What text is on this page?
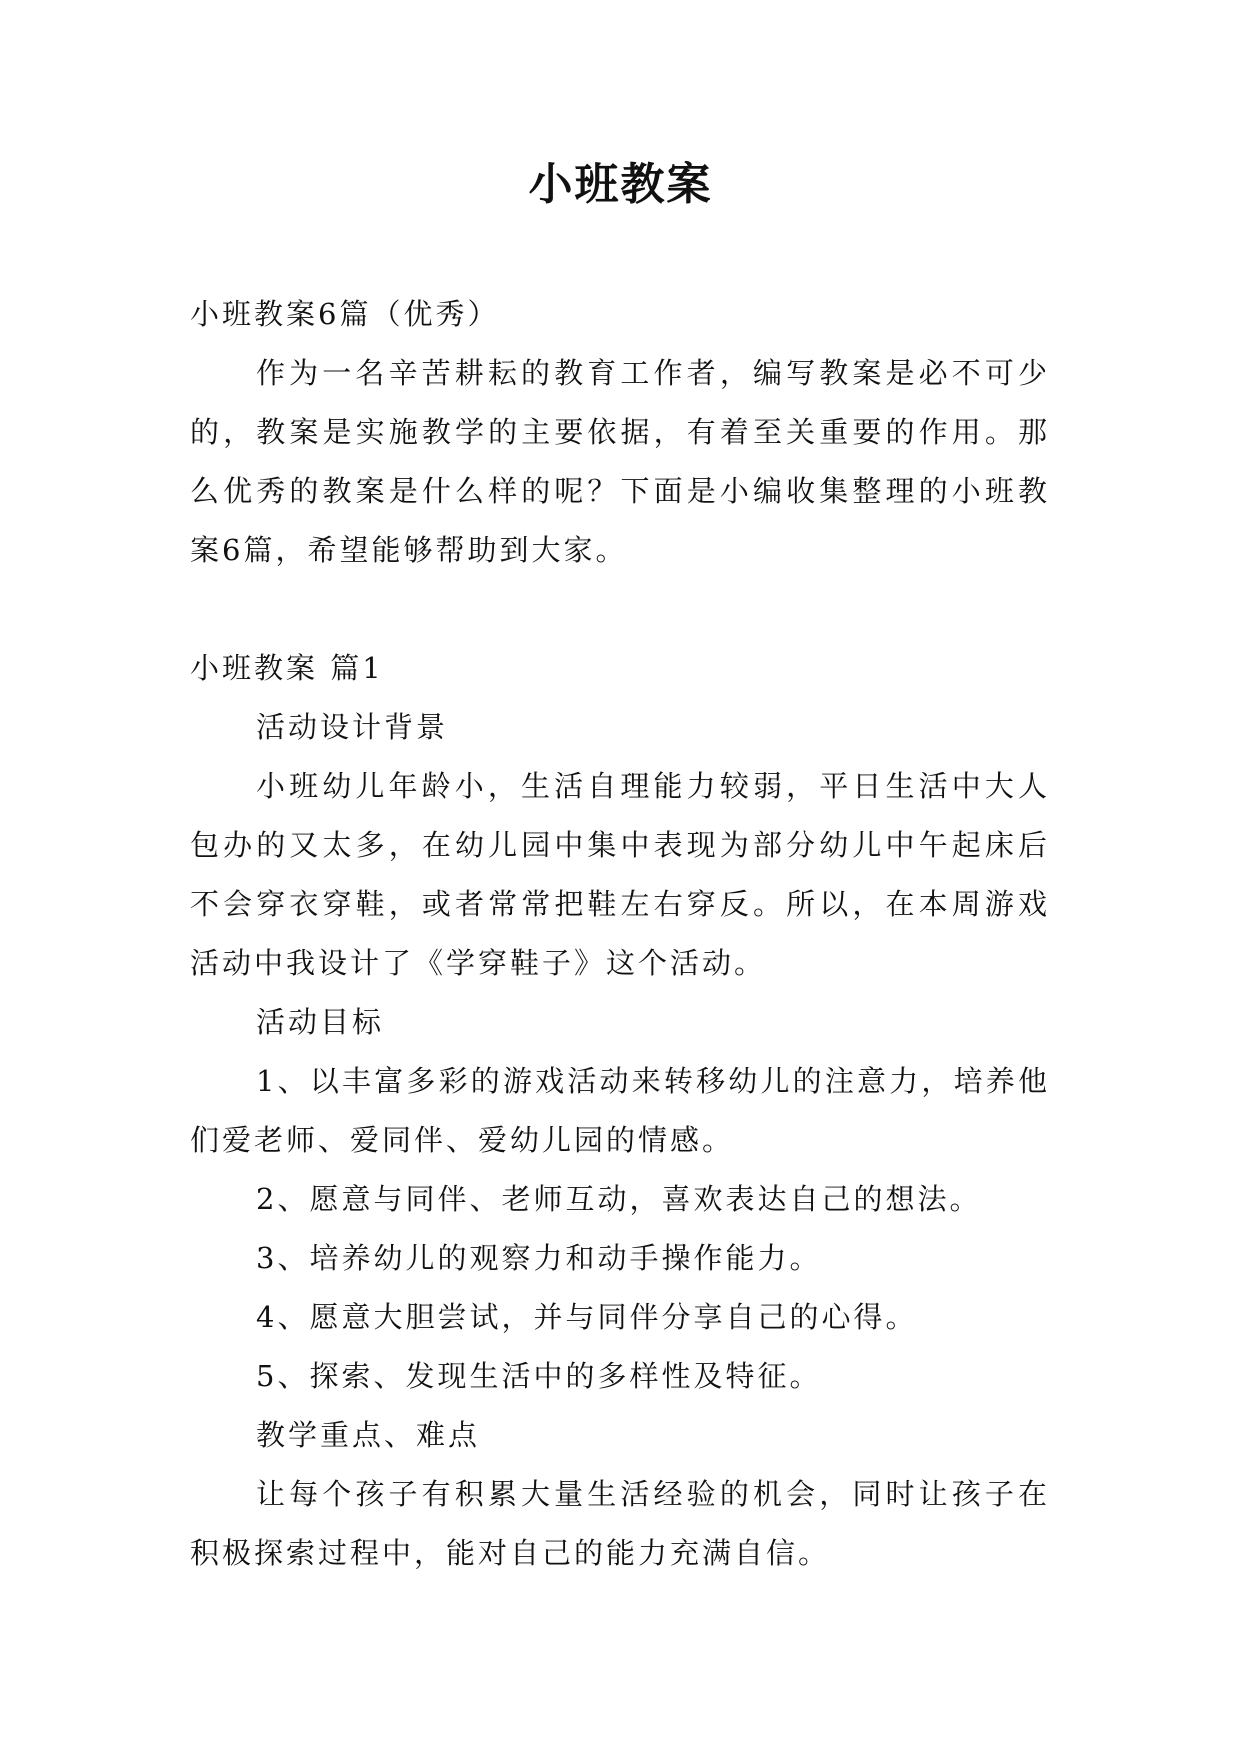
小班教案

小班教案6篇（优秀）

作为一名辛苦耕耘的教育工作者，编写教案是必不可少的，教案是实施教学的主要依据，有着至关重要的作用。那么优秀的教案是什么样的呢？下面是小编收集整理的小班教案6篇，希望能够帮助到大家。

小班教案 篇1

活动设计背景

小班幼儿年龄小，生活自理能力较弱，平日生活中大人包办的又太多，在幼儿园中集中表现为部分幼儿中午起床后不会穿衣穿鞋，或者常常把鞋左右穿反。所以，在本周游戏活动中我设计了《学穿鞋子》这个活动。

活动目标

1、以丰富多彩的游戏活动来转移幼儿的注意力，培养他们爱老师、爱同伴、爱幼儿园的情感。

2、愿意与同伴、老师互动，喜欢表达自己的想法。

3、培养幼儿的观察力和动手操作能力。

4、愿意大胆尝试，并与同伴分享自己的心得。

5、探索、发现生活中的多样性及特征。

教学重点、难点

让每个孩子有积累大量生活经验的机会，同时让孩子在积极探索过程中，能对自己的能力充满自信。
